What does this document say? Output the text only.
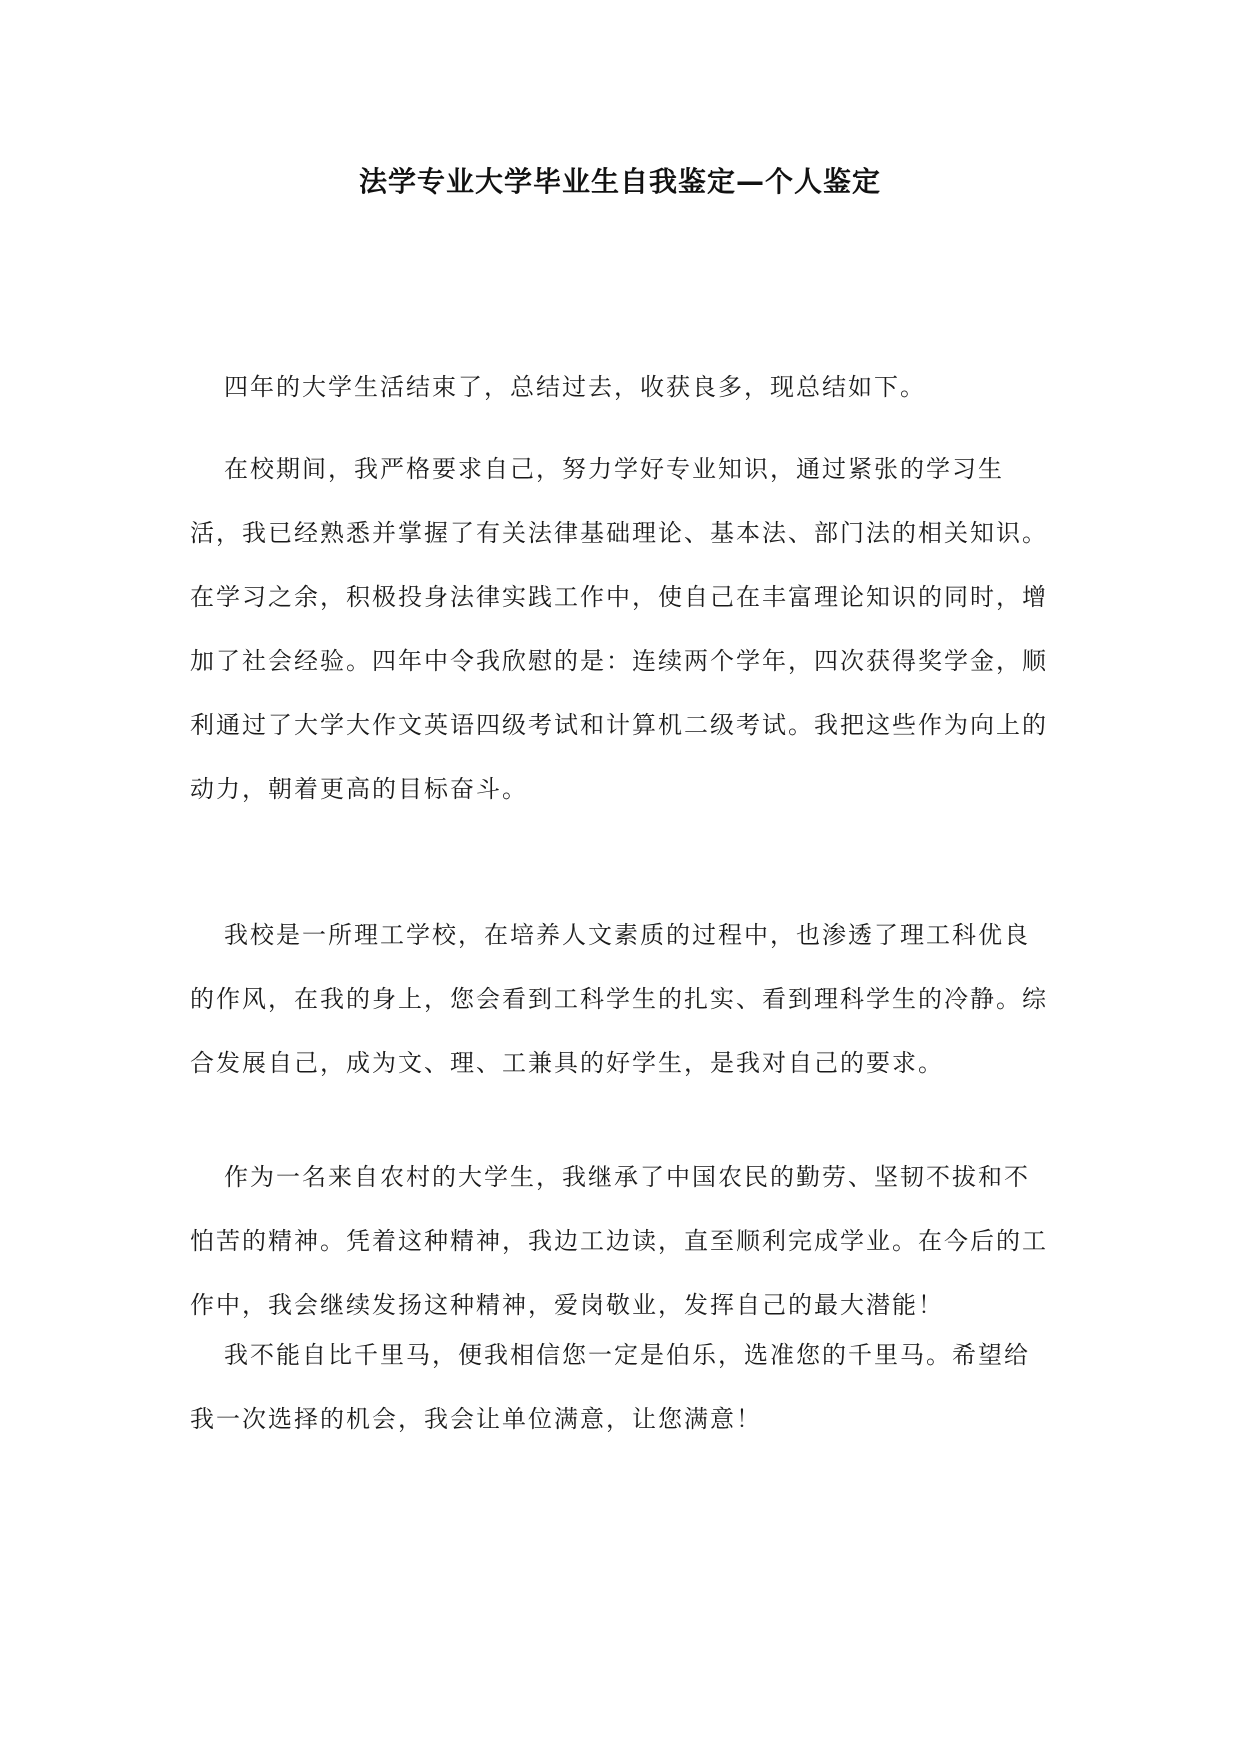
法学专业大学毕业生自我鉴定—个人鉴定

四年的大学生活结束了，总结过去，收获良多，现总结如下。

在校期间，我严格要求自己，努力学好专业知识，通过紧张的学习生活，我已经熟悉并掌握了有关法律基础理论、基本法、部门法的相关知识。在学习之余，积极投身法律实践工作中，使自己在丰富理论知识的同时，增加了社会经验。四年中令我欣慰的是：连续两个学年，四次获得奖学金，顺利通过了大学大作文英语四级考试和计算机二级考试。我把这些作为向上的动力，朝着更高的目标奋斗。

我校是一所理工学校，在培养人文素质的过程中，也渗透了理工科优良的作风，在我的身上，您会看到工科学生的扎实、看到理科学生的冷静。综合发展自己，成为文、理、工兼具的好学生，是我对自己的要求。

作为一名来自农村的大学生，我继承了中国农民的勤劳、坚韧不拔和不怕苦的精神。凭着这种精神，我边工边读，直至顺利完成学业。在今后的工作中，我会继续发扬这种精神，爱岗敬业，发挥自己的最大潜能！

我不能自比千里马，便我相信您一定是伯乐，选准您的千里马。希望给我一次选择的机会，我会让单位满意，让您满意！
